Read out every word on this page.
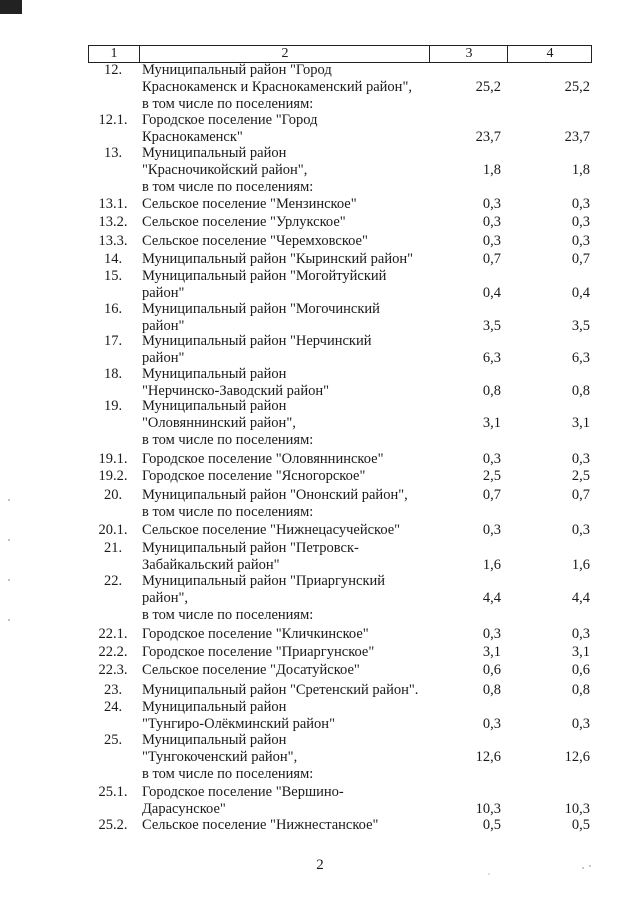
1	2	3	4
12.	Муниципальный район "Город
Краснокаменск и Краснокаменский район",
в том числе по поселениям:
25,2	25,2
12.1.	Городское поселение "Город
Краснокаменск"	23,7	23,7
13.	Муниципальный район
"Красночикойский район",
в том числе по поселениям:
1,8	1,8
13.1.	Сельское поселение "Мензинское"	0,3	0,3
13.2.	Сельское поселение "Урлукское"	0,3	0,3
13.3.	Сельское поселение "Черемховское"	0,3	0,3
14.	Муниципальный район "Кыринский район"	0,7	0,7
15.	Муниципальный район "Могойтуйский
район"	0,4	0,4
16.	Муниципальный район "Могочинский
район"	3,5	3,5
17.	Муниципальный район "Нерчинский
район"	6,3	6,3
18.	Муниципальный район
"Нерчинско-Заводский район"	0,8	0,8
19.	Муниципальный район
"Оловяннинский район",
в том числе по поселениям:
3,1	3,1
19.1.	Городское поселение "Оловяннинское"	0,3	0,3
19.2.	Городское поселение "Ясногорское"	2,5	2,5
20.	Муниципальный район "Ононский район",
в том числе по поселениям:
0,7	0,7
20.1.	Сельское поселение "Нижнецасучейское"	0,3	0,3
21.	Муниципальный район "Петровск-
Забайкальский район"	1,6	1,6
22.	Муниципальный район "Приаргунский
район",
в том числе по поселениям:
4,4	4,4
22.1.	Городское поселение "Кличкинское"	0,3	0,3
22.2.	Городское поселение "Приаргунское"	3,1	3,1
22.3.	Сельское поселение "Досатуйское"	0,6	0,6
23.	Муниципальный район "Сретенский район".	0,8	0,8
24.	Муниципальный район
"Тунгиро-Олёкминский район"	0,3	0,3
25.	Муниципальный район
"Тунгокоченский район",
в том числе по поселениям:
12,6	12,6
25.1.	Городское поселение "Вершино-
Дарасунское"	10,3	10,3
25.2.	Сельское поселение "Нижнестанское"	0,5	0,5
2
